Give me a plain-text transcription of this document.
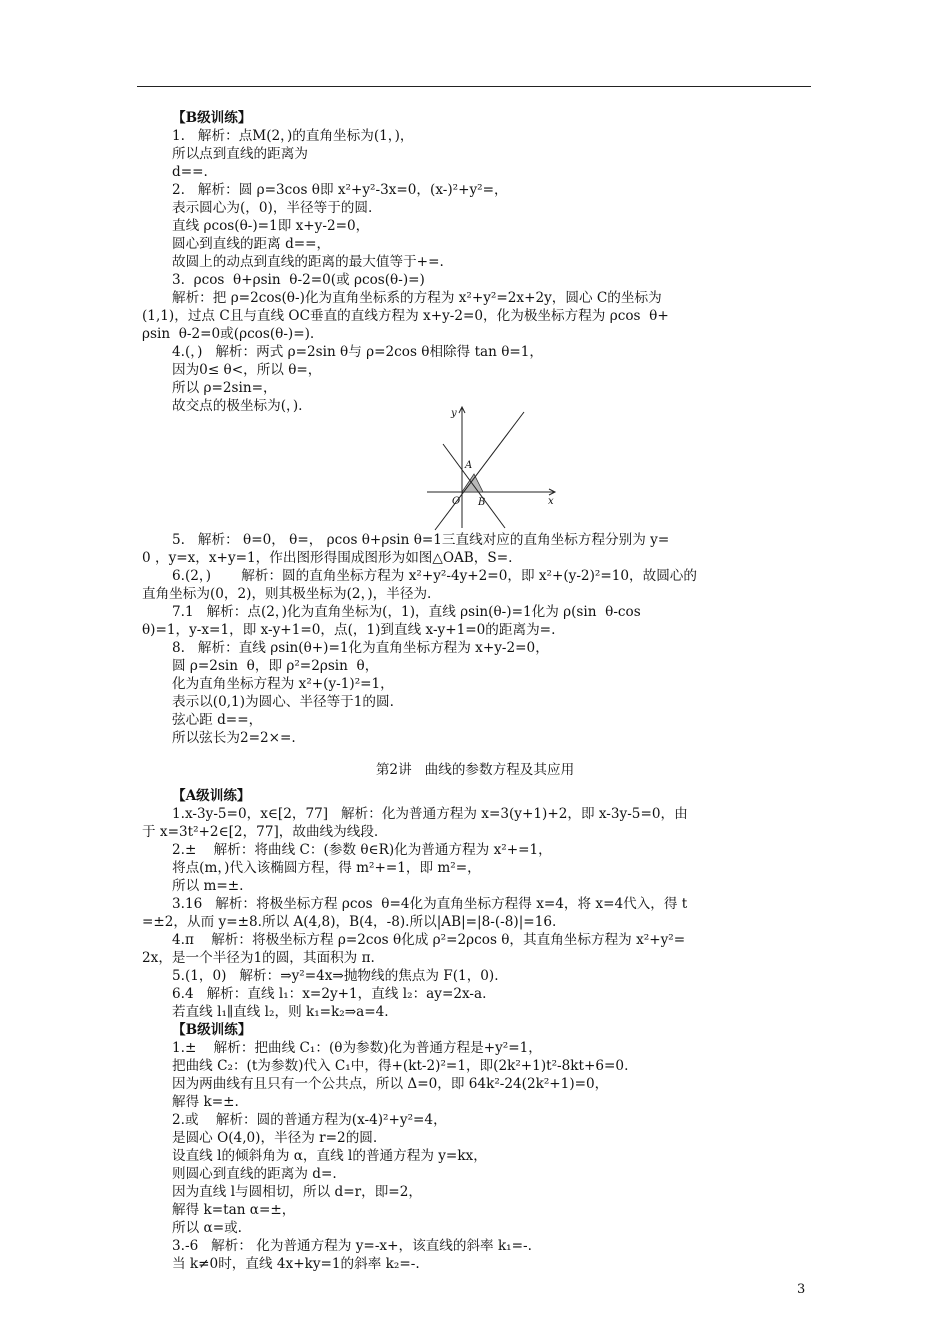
【B级训练】
1.   解析：点M(2，)的直角坐标为(1，)，
所以点到直线的距离为
d==.
2.   解析：圆 ρ=3cos θ即 x²+y²-3x=0，(x-)²+y²=，
表示圆心为(，0)，半径等于的圆.
直线 ρcos(θ-)=1即 x+y-2=0，
圆心到直线的距离 d==，
故圆上的动点到直线的距离的最大值等于+=.
3.  ρcos  θ+ρsin  θ-2=0(或 ρcos(θ-)=)
解析：把 ρ=2cos(θ-)化为直角坐标系的方程为 x²+y²=2x+2y，圆心 C的坐标为
(1,1)，过点 C且与直线 OC垂直的直线方程为 x+y-2=0，化为极坐标方程为 ρcos  θ+
ρsin  θ-2=0或(ρcos(θ-)=).
4.(，)   解析：两式 ρ=2sin θ与 ρ=2cos θ相除得 tan θ=1，
因为0≤ θ<，所以 θ=，
所以 ρ=2sin=，
故交点的极坐标为(，).
5.   解析： θ=0， θ=， ρcos θ+ρsin θ=1三直线对应的直角坐标方程分别为 y=
0 ，y=x，x+y=1，作出图形得围成图形为如图△OAB，S=.
6.(2，)       解析：圆的直角坐标方程为 x²+y²-4y+2=0，即 x²+(y-2)²=10，故圆心的
直角坐标为(0，2)，则其极坐标为(2，)，半径为.
7.1   解析：点(2，)化为直角坐标为(，1)，直线 ρsin(θ-)=1化为 ρ(sin  θ-cos
θ)=1，y-x=1，即 x-y+1=0，点(，1)到直线 x-y+1=0的距离为=.
8.   解析：直线 ρsin(θ+)=1化为直角坐标方程为 x+y-2=0，
圆 ρ=2sin  θ，即 ρ²=2ρsin  θ，
化为直角坐标方程为 x²+(y-1)²=1，
表示以(0,1)为圆心、半径等于1的圆.
弦心距 d==，
所以弦长为2=2×=.
第2讲   曲线的参数方程及其应用
【A级训练】
1.x-3y-5=0，x∈[2，77]   解析：化为普通方程为 x=3(y+1)+2，即 x-3y-5=0，由
于 x=3t²+2∈[2，77]，故曲线为线段.
2.±    解析：将曲线 C：(参数 θ∈R)化为普通方程为 x²+=1，
将点(m，)代入该椭圆方程，得 m²+=1，即 m²=，
所以 m=±.
3.16   解析：将极坐标方程 ρcos  θ=4化为直角坐标方程得 x=4，将 x=4代入，得 t
=±2，从而 y=±8.所以 A(4,8)，B(4，-8).所以|AB|=|8-(-8)|=16.
4.π    解析：将极坐标方程 ρ=2cos θ化成 ρ²=2ρcos θ，其直角坐标方程为 x²+y²=
2x，是一个半径为1的圆，其面积为 π.
5.(1，0)   解析：⇒y²=4x⇒抛物线的焦点为 F(1，0).
6.4   解析：直线 l₁：x=2y+1，直线 l₂：ay=2x-a.
若直线 l₁∥直线 l₂，则 k₁=k₂⇒a=4.
【B级训练】
1.±    解析：把曲线 C₁：(θ为参数)化为普通方程是+y²=1，
把曲线 C₂：(t为参数)代入 C₁中，得+(kt-2)²=1，即(2k²+1)t²-8kt+6=0.
因为两曲线有且只有一个公共点，所以 Δ=0，即 64k²-24(2k²+1)=0，
解得 k=±.
2.或    解析：圆的普通方程为(x-4)²+y²=4，
是圆心 O(4,0)，半径为 r=2的圆.
设直线 l的倾斜角为 α，直线 l的普通方程为 y=kx，
则圆心到直线的距离为 d=.
因为直线 l与圆相切，所以 d=r，即=2，
解得 k=tan α=±，
所以 α=或.
3.-6   解析： 化为普通方程为 y=-x+，该直线的斜率 k₁=-.
当 k≠0时，直线 4x+ky=1的斜率 k₂=-.
y
x
A
O B
3
